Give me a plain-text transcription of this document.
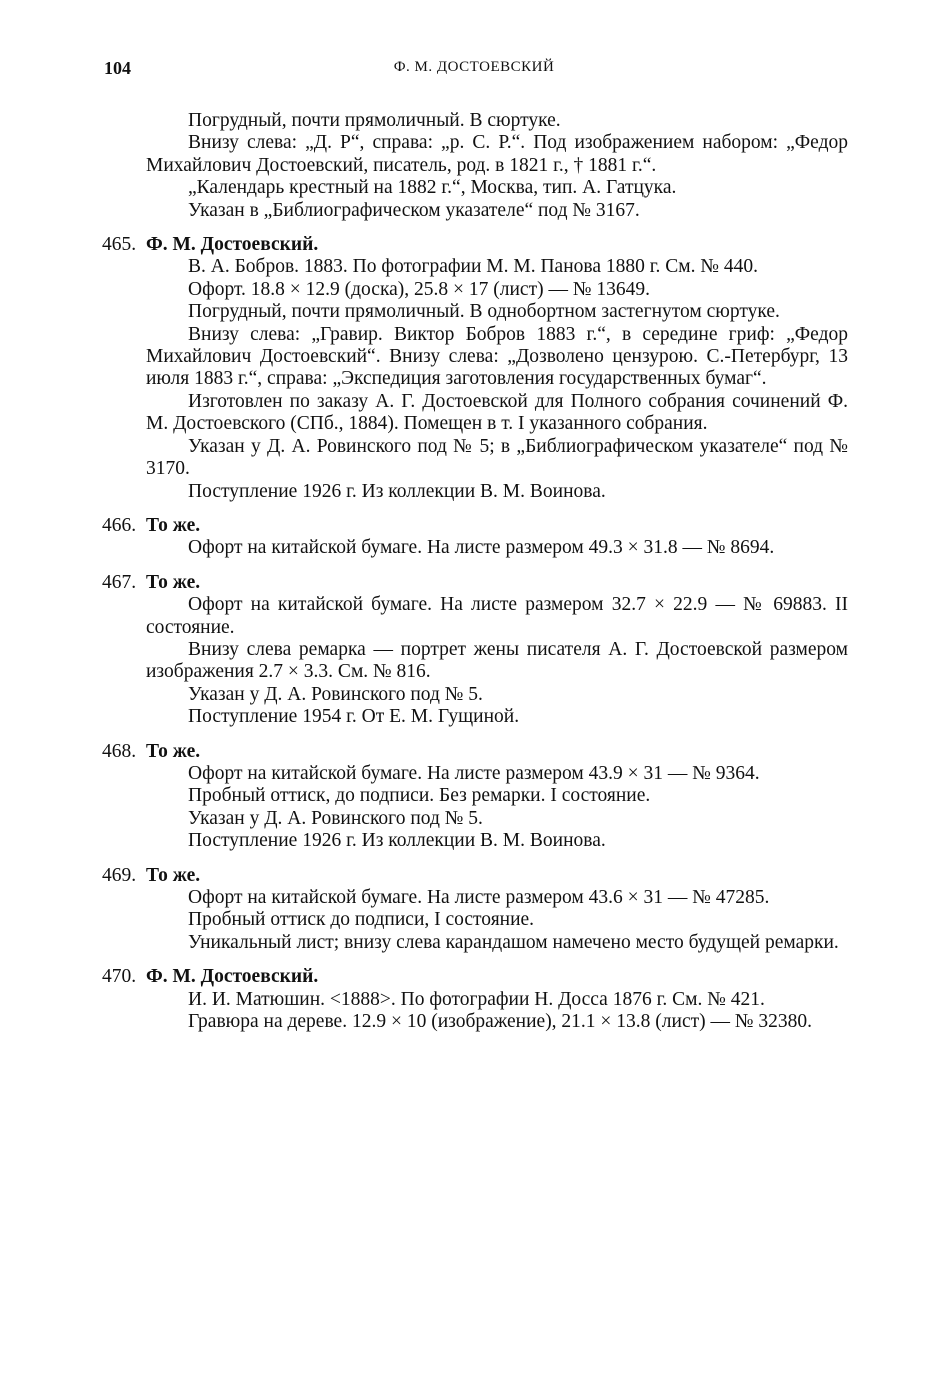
104	Ф. М. ДОСТОЕВСКИЙ

Погрудный, почти прямоличный. В сюртуке.

Внизу слева: „Д. Р“, справа: „р. С. Р.“. Под изображением набором: „Федор Михайлович Достоевский, писатель, род. в 1821 г., † 1881 г.“.

„Календарь крестный на 1882 г.“, Москва, тип. А. Гатцука.

Указан в „Библиографическом указателе“ под № 3167.

465. Ф. М. Достоевский.

В. А. Бобров. 1883. По фотографии М. М. Панова 1880 г. См. № 440.

Офорт. 18.8 × 12.9 (доска), 25.8 × 17 (лист) — № 13649.

Погрудный, почти прямоличный. В однобортном застегнутом сюртуке.

Внизу слева: „Гравир. Виктор Бобров 1883 г.“, в середине гриф: „Федор Михайлович Достоевский“. Внизу слева: „Дозволено цензурою. С.-Петербург, 13 июля 1883 г.“, справа: „Экспедиция заготовления государственных бумаг“.

Изготовлен по заказу А. Г. Достоевской для Полного собрания сочинений Ф. М. Достоевского (СПб., 1884). Помещен в т. I указанного собрания.

Указан у Д. А. Ровинского под № 5; в „Библиографическом указателе“ под № 3170.

Поступление 1926 г. Из коллекции В. М. Воинова.

466. То же.

Офорт на китайской бумаге. На листе размером 49.3 × 31.8 — № 8694.

467. То же.

Офорт на китайской бумаге. На листе размером 32.7 × 22.9 — № 69883. II состояние.

Внизу слева ремарка — портрет жены писателя А. Г. Достоевской размером изображения 2.7 × 3.3. См. № 816.

Указан у Д. А. Ровинского под № 5.

Поступление 1954 г. От Е. М. Гущиной.

468. То же.

Офорт на китайской бумаге. На листе размером 43.9 × 31 — № 9364.

Пробный оттиск, до подписи. Без ремарки. I состояние.

Указан у Д. А. Ровинского под № 5.

Поступление 1926 г. Из коллекции В. М. Воинова.

469. То же.

Офорт на китайской бумаге. На листе размером 43.6 × 31 — № 47285.

Пробный оттиск до подписи, I состояние.

Уникальный лист; внизу слева карандашом намечено место будущей ремарки.

470. Ф. М. Достоевский.

И. И. Матюшин. <1888>. По фотографии Н. Досса 1876 г. См. № 421.

Гравюра на дереве. 12.9 × 10 (изображение), 21.1 × 13.8 (лист) — № 32380.
